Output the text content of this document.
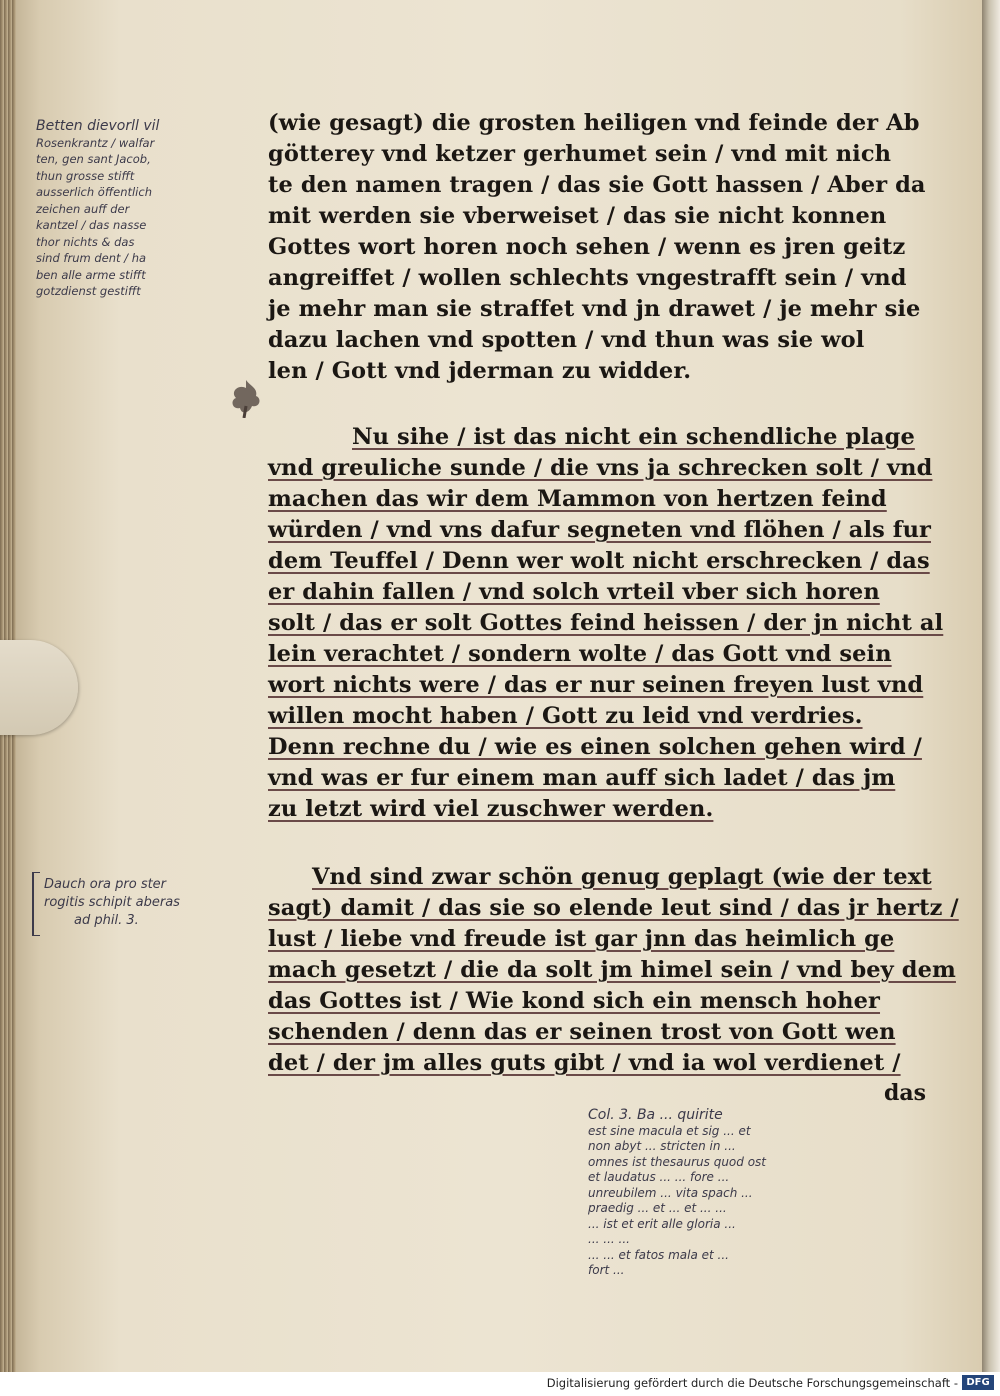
Betten dievorll vil
Rosenkrantz / walfar
ten, gen sant Jacob,
thun grosse stifft
ausserlich öffentlich
zeichen auff der
kantzel / das nasse
thor nichts & das
sind frum dent / ha
ben alle arme stifft
gotzdienst gestifft
Dauch ora pro ster
rogitis schipit aberas
ad phil. 3.
(wie gesagt) die grosten heiligen vnd feinde der Ab
götterey vnd ketzer gerhumet sein / vnd mit nich
te den namen tragen / das sie Gott hassen / Aber da
mit werden sie vberweiset / das sie nicht konnen
Gottes wort horen noch sehen / wenn es jren geitz
angreiffet / wollen schlechts vngestrafft sein / vnd
je mehr man sie straffet vnd jn drawet / je mehr sie
dazu lachen vnd spotten / vnd thun was sie wol
len / Gott vnd jderman zu widder.
Nu sihe / ist das nicht ein schendliche plage
vnd greuliche sunde / die vns ja schrecken solt / vnd
machen das wir dem Mammon von hertzen feind
würden / vnd vns dafur segneten vnd flöhen / als fur
dem Teuffel / Denn wer wolt nicht erschrecken / das
er dahin fallen / vnd solch vrteil vber sich horen
solt / das er solt Gottes feind heissen / der jn nicht al
lein verachtet / sondern wolte / das Gott vnd sein
wort nichts were / das er nur seinen freyen lust vnd
willen mocht haben / Gott zu leid vnd verdries.
Denn rechne du / wie es einen solchen gehen wird /
vnd was er fur einem man auff sich ladet / das jm
zu letzt wird viel zuschwer werden.
Vnd sind zwar schön genug geplagt (wie der text
sagt) damit / das sie so elende leut sind / das jr hertz /
lust / liebe vnd freude ist gar jnn das heimlich ge
mach gesetzt / die da solt jm himel sein / vnd bey dem
das Gottes ist / Wie kond sich ein mensch hoher
schenden / denn das er seinen trost von Gott wen
det / der jm alles guts gibt / vnd ia wol verdienet /
das
Col. 3. Ba ... quirite
est sine macula et sig ... et
non abyt ... stricten in ...
omnes ist thesaurus quod ost
et laudatus ... ... fore ...
unreubilem ... vita spach ...
praedig ... et ... et ... ...
... ist et erit alle gloria ...
... ... ...
... ... et fatos mala et ...
fort ...
Digitalisierung gefördert durch die Deutsche Forschungsgemeinschaft - DFG
